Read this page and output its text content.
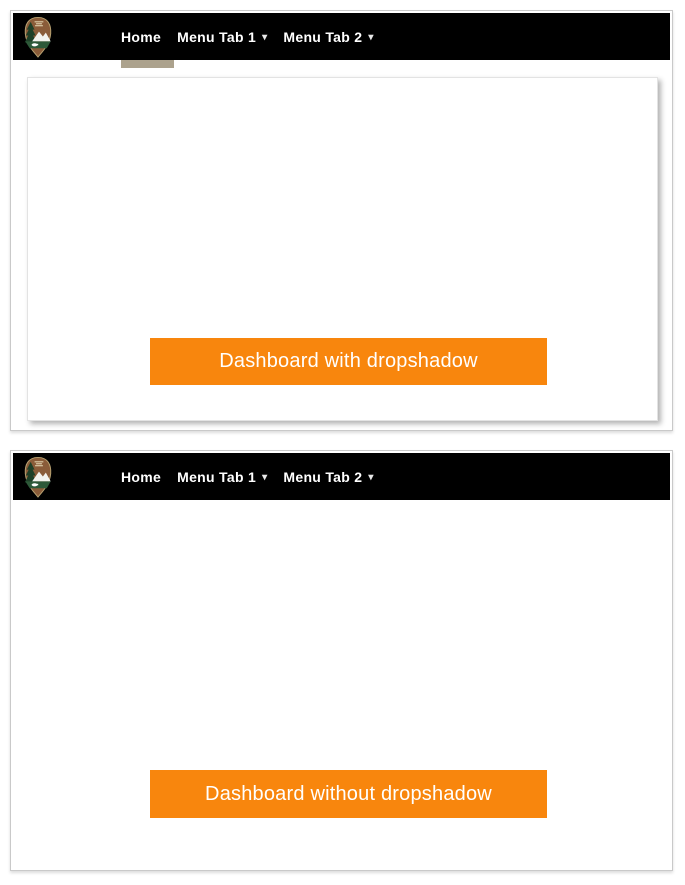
Home Menu Tab 1 ▾ Menu Tab 2 ▾
Dashboard with dropshadow
Home Menu Tab 1 ▾ Menu Tab 2 ▾
Dashboard without dropshadow
